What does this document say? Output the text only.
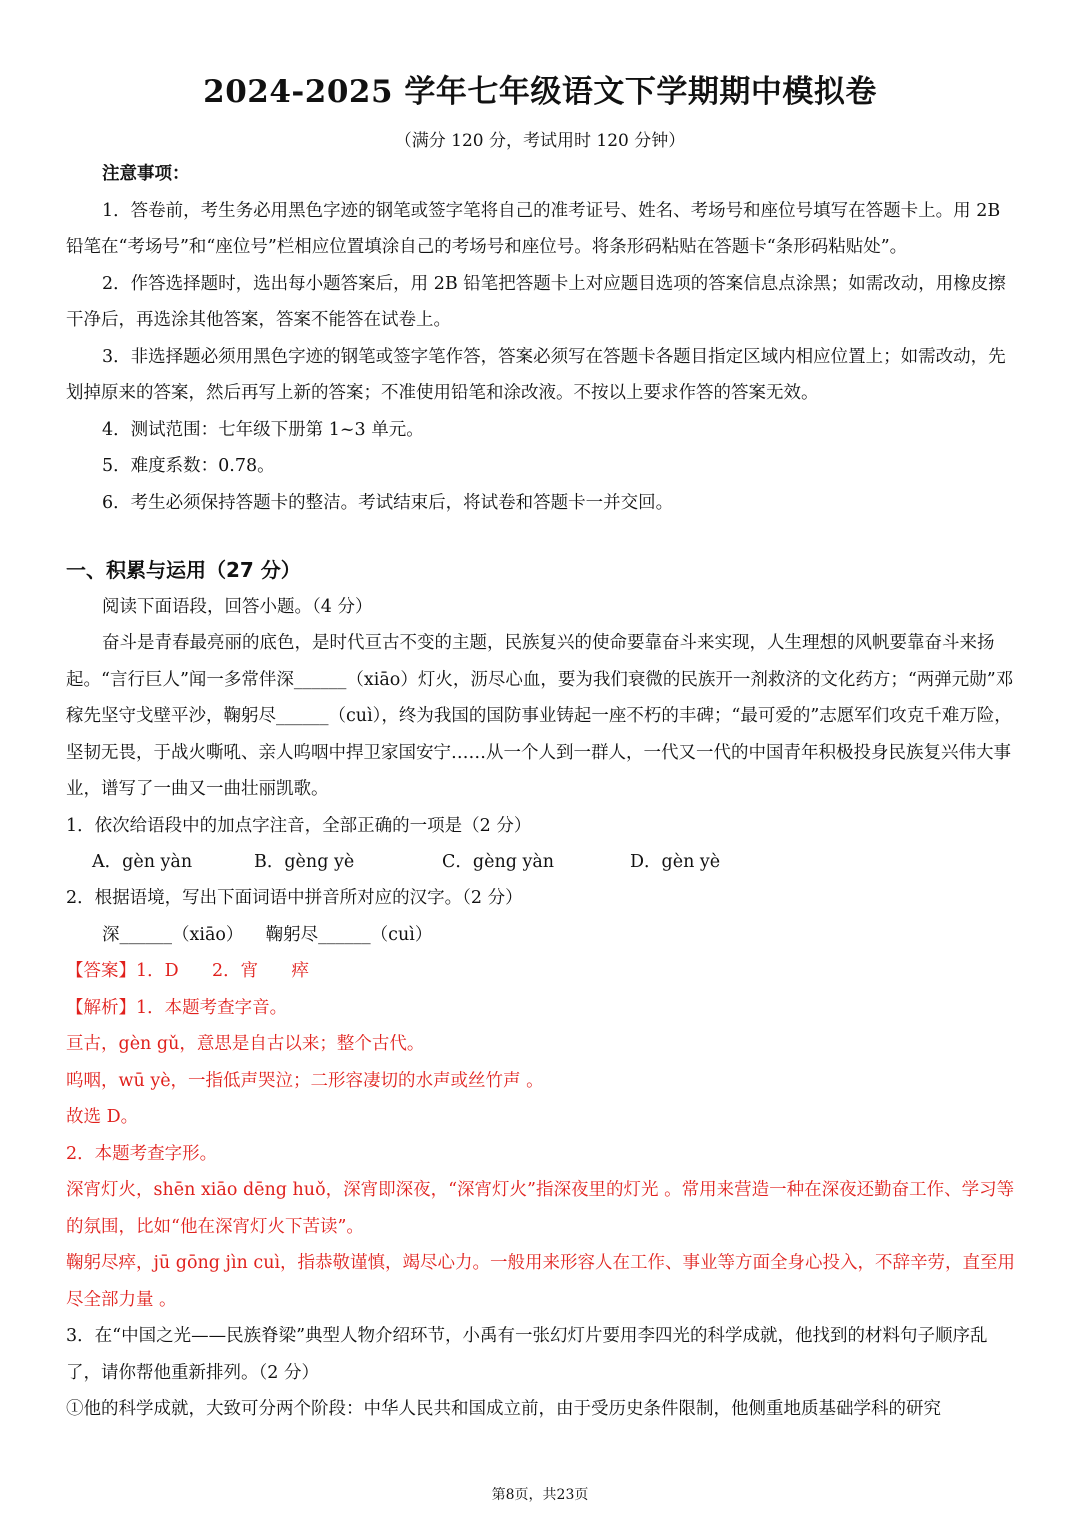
2024-2025 学年七年级语文下学期期中模拟卷
（满分 120 分，考试用时 120 分钟）

注意事项：

1．答卷前，考生务必用黑色字迹的钢笔或签字笔将自己的准考证号、姓名、考场号和座位号填写在答题卡上。用 2B 铅笔在“考场号”和“座位号”栏相应位置填涂自己的考场号和座位号。将条形码粘贴在答题卡“条形码粘贴处”。

2．作答选择题时，选出每小题答案后，用 2B 铅笔把答题卡上对应题目选项的答案信息点涂黑；如需改动，用橡皮擦干净后，再选涂其他答案，答案不能答在试卷上。

3．非选择题必须用黑色字迹的钢笔或签字笔作答，答案必须写在答题卡各题目指定区域内相应位置上；如需改动，先划掉原来的答案，然后再写上新的答案；不准使用铅笔和涂改液。不按以上要求作答的答案无效。

4．测试范围：七年级下册第 1~3 单元。

5．难度系数：0.78。

6．考生必须保持答题卡的整洁。考试结束后，将试卷和答题卡一并交回。

一、积累与运用（27 分）

阅读下面语段，回答小题。（4 分）

奋斗是青春最亮丽的底色，是时代亘古不变的主题，民族复兴的使命要靠奋斗来实现，人生理想的风帆要靠奋斗来扬起。“言行巨人”闻一多常伴深______（xiāo）灯火，沥尽心血，要为我们衰微的民族开一剂救济的文化药方；“两弹元勋”邓稼先坚守戈壁平沙，鞠躬尽______（cuì），终为我国的国防事业铸起一座不朽的丰碑；“最可爱的”志愿军们攻克千难万险，坚韧无畏，于战火嘶吼、亲人呜咽中捍卫家国安宁……从一个人到一群人，一代又一代的中国青年积极投身民族复兴伟大事业，谱写了一曲又一曲壮丽凯歌。

1．依次给语段中的加点字注音，全部正确的一项是（2 分）

A．gèn yàn	B．gèng yè	C．gèng yàn	D．gèn yè

2．根据语境，写出下面词语中拼音所对应的汉字。（2 分）

深______（xiāo）    鞠躬尽______（cuì）

【答案】1．D      2．宵      瘁

【解析】1．本题考查字音。

亘古，gèn gǔ，意思是自古以来；整个古代。

呜咽，wū yè，一指低声哭泣；二形容凄切的水声或丝竹声 。

故选 D。

2．本题考查字形。

深宵灯火，shēn xiāo dēng huǒ，深宵即深夜，“深宵灯火”指深夜里的灯光 。常用来营造一种在深夜还勤奋工作、学习等的氛围，比如“他在深宵灯火下苦读”。

鞠躬尽瘁，jū gōng jìn cuì，指恭敬谨慎，竭尽心力。一般用来形容人在工作、事业等方面全身心投入，不辞辛劳，直至用尽全部力量 。

3．在“中国之光——民族脊梁”典型人物介绍环节，小禹有一张幻灯片要用李四光的科学成就，他找到的材料句子顺序乱了，请你帮他重新排列。（2 分）

①他的科学成就，大致可分两个阶段：中华人民共和国成立前，由于受历史条件限制，他侧重地质基础学科的研究

第8页，共23页
